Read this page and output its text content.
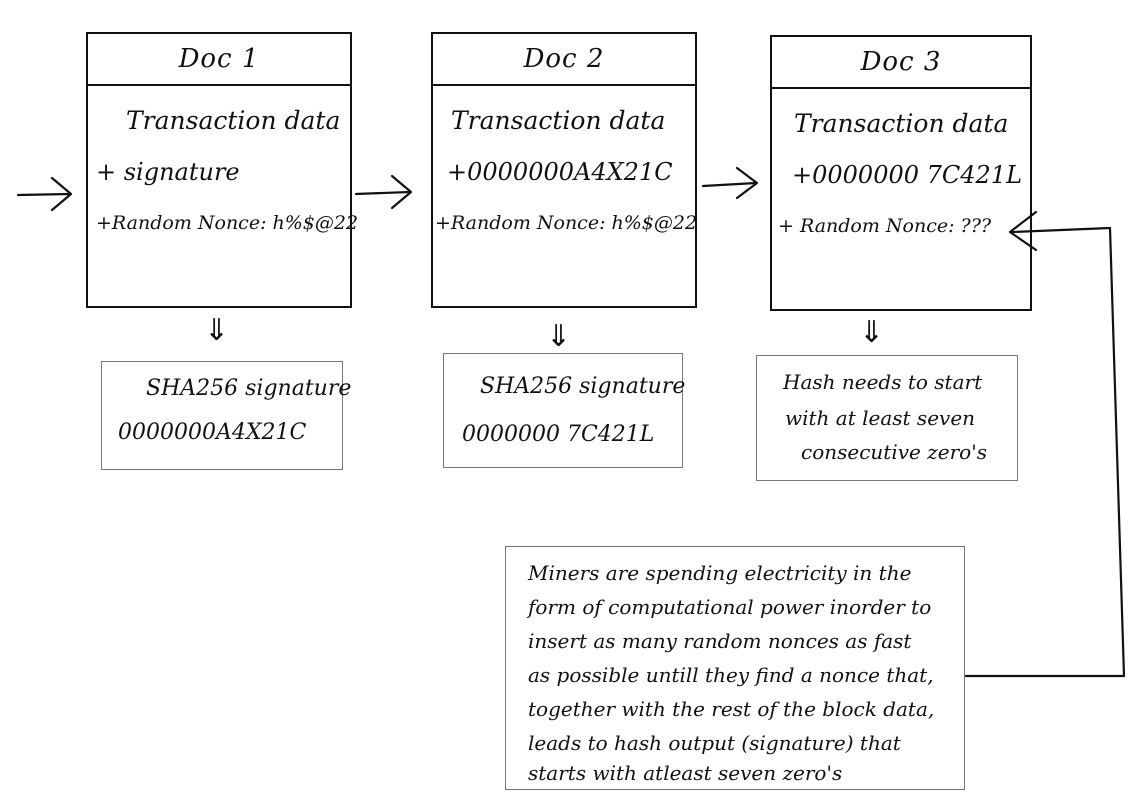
Doc 1
Transaction data
+ signature
+Random Nonce: h%$@22
Doc 2
Transaction data
+0000000A4X21C
+Random Nonce: h%$@22
Doc 3
Transaction data
+0000000 7C421L
+ Random Nonce: ???
⇓	⇓	⇓
SHA256 signature
0000000A4X21C
SHA256 signature
0000000 7C421L
Hash needs to start
with at least seven
consecutive zero's
Miners are spending electricity in the
form of computational power inorder to
insert as many random nonces as fast
as possible untill they find a nonce that,
together with the rest of the block data,
leads to hash output (signature) that
starts with atleast seven zero's
